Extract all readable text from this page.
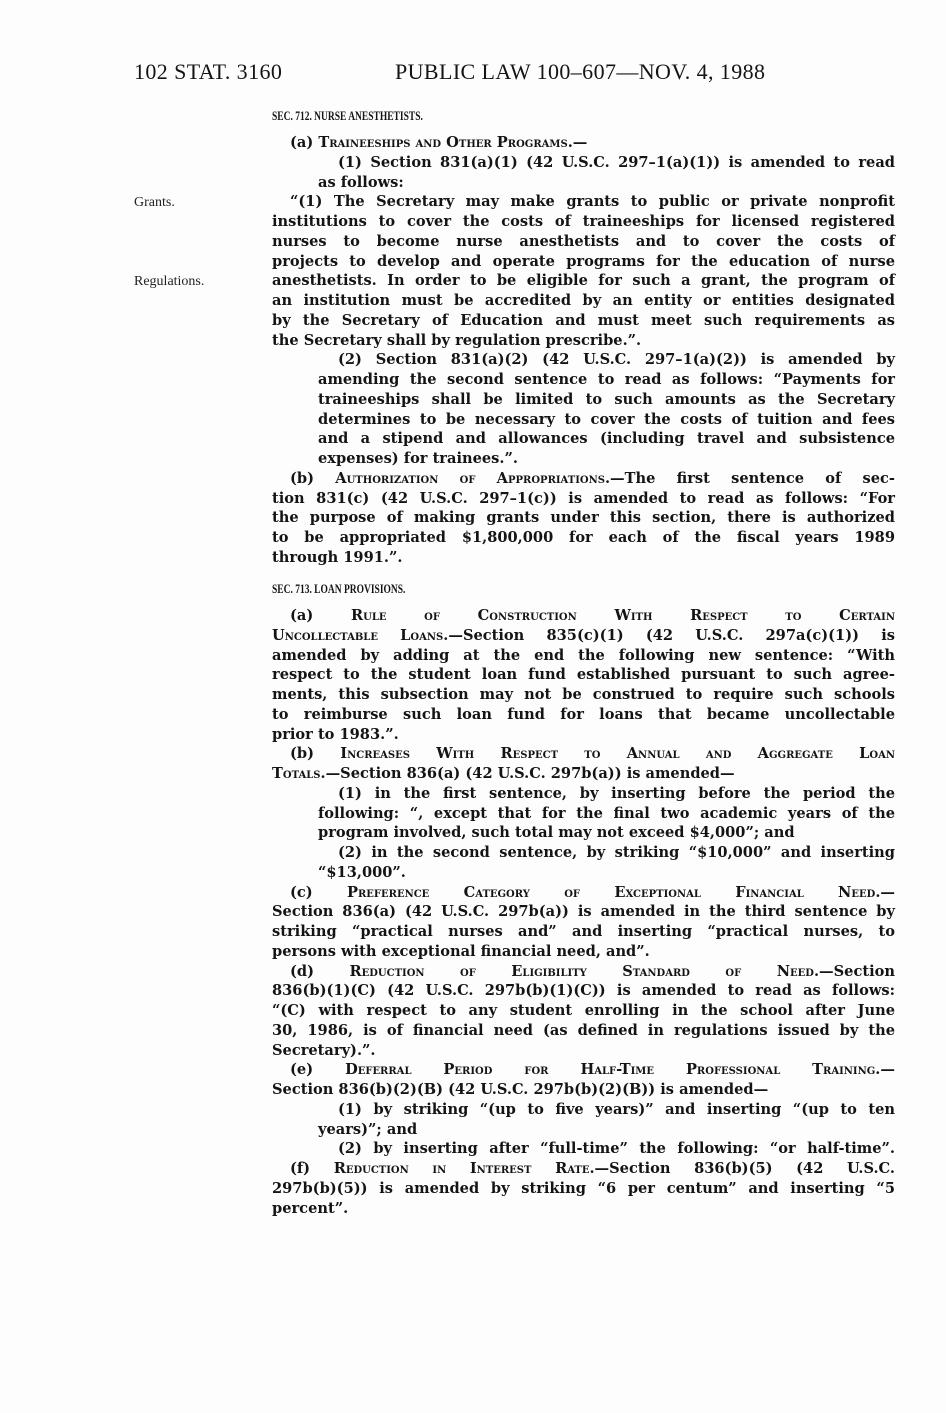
102 STAT. 3160	PUBLIC LAW 100–607—NOV. 4, 1988
Grants.
Regulations.
SEC. 712. NURSE ANESTHETISTS.
(a) Traineeships and Other Programs.—
(1) Section 831(a)(1) (42 U.S.C. 297–1(a)(1)) is amended to read
as follows:
“(1) The Secretary may make grants to public or private nonprofit
institutions to cover the costs of traineeships for licensed registered
nurses to become nurse anesthetists and to cover the costs of
projects to develop and operate programs for the education of nurse
anesthetists. In order to be eligible for such a grant, the program of
an institution must be accredited by an entity or entities designated
by the Secretary of Education and must meet such requirements as
the Secretary shall by regulation prescribe.”.
(2) Section 831(a)(2) (42 U.S.C. 297–1(a)(2)) is amended by
amending the second sentence to read as follows: “Payments for
traineeships shall be limited to such amounts as the Secretary
determines to be necessary to cover the costs of tuition and fees
and a stipend and allowances (including travel and subsistence
expenses) for trainees.”.
(b) Authorization of Appropriations.—The first sentence of sec-
tion 831(c) (42 U.S.C. 297–1(c)) is amended to read as follows: “For
the purpose of making grants under this section, there is authorized
to be appropriated $1,800,000 for each of the fiscal years 1989
through 1991.”.
SEC. 713. LOAN PROVISIONS.
(a) Rule of Construction With Respect to Certain
Uncollectable Loans.—Section 835(c)(1) (42 U.S.C. 297a(c)(1)) is
amended by adding at the end the following new sentence: “With
respect to the student loan fund established pursuant to such agree-
ments, this subsection may not be construed to require such schools
to reimburse such loan fund for loans that became uncollectable
prior to 1983.”.
(b) Increases With Respect to Annual and Aggregate Loan
Totals.—Section 836(a) (42 U.S.C. 297b(a)) is amended—
(1) in the first sentence, by inserting before the period the
following: “, except that for the final two academic years of the
program involved, such total may not exceed $4,000”; and
(2) in the second sentence, by striking “$10,000” and inserting
“$13,000”.
(c) Preference Category of Exceptional Financial Need.—
Section 836(a) (42 U.S.C. 297b(a)) is amended in the third sentence by
striking “practical nurses and” and inserting “practical nurses, to
persons with exceptional financial need, and”.
(d) Reduction of Eligibility Standard of Need.—Section
836(b)(1)(C) (42 U.S.C. 297b(b)(1)(C)) is amended to read as follows:
“(C) with respect to any student enrolling in the school after June
30, 1986, is of financial need (as defined in regulations issued by the
Secretary).”.
(e) Deferral Period for Half-Time Professional Training.—
Section 836(b)(2)(B) (42 U.S.C. 297b(b)(2)(B)) is amended—
(1) by striking “(up to five years)” and inserting “(up to ten
years)”; and
(2) by inserting after “full-time” the following: “or half-time”.
(f) Reduction in Interest Rate.—Section 836(b)(5) (42 U.S.C.
297b(b)(5)) is amended by striking “6 per centum” and inserting “5
percent”.
